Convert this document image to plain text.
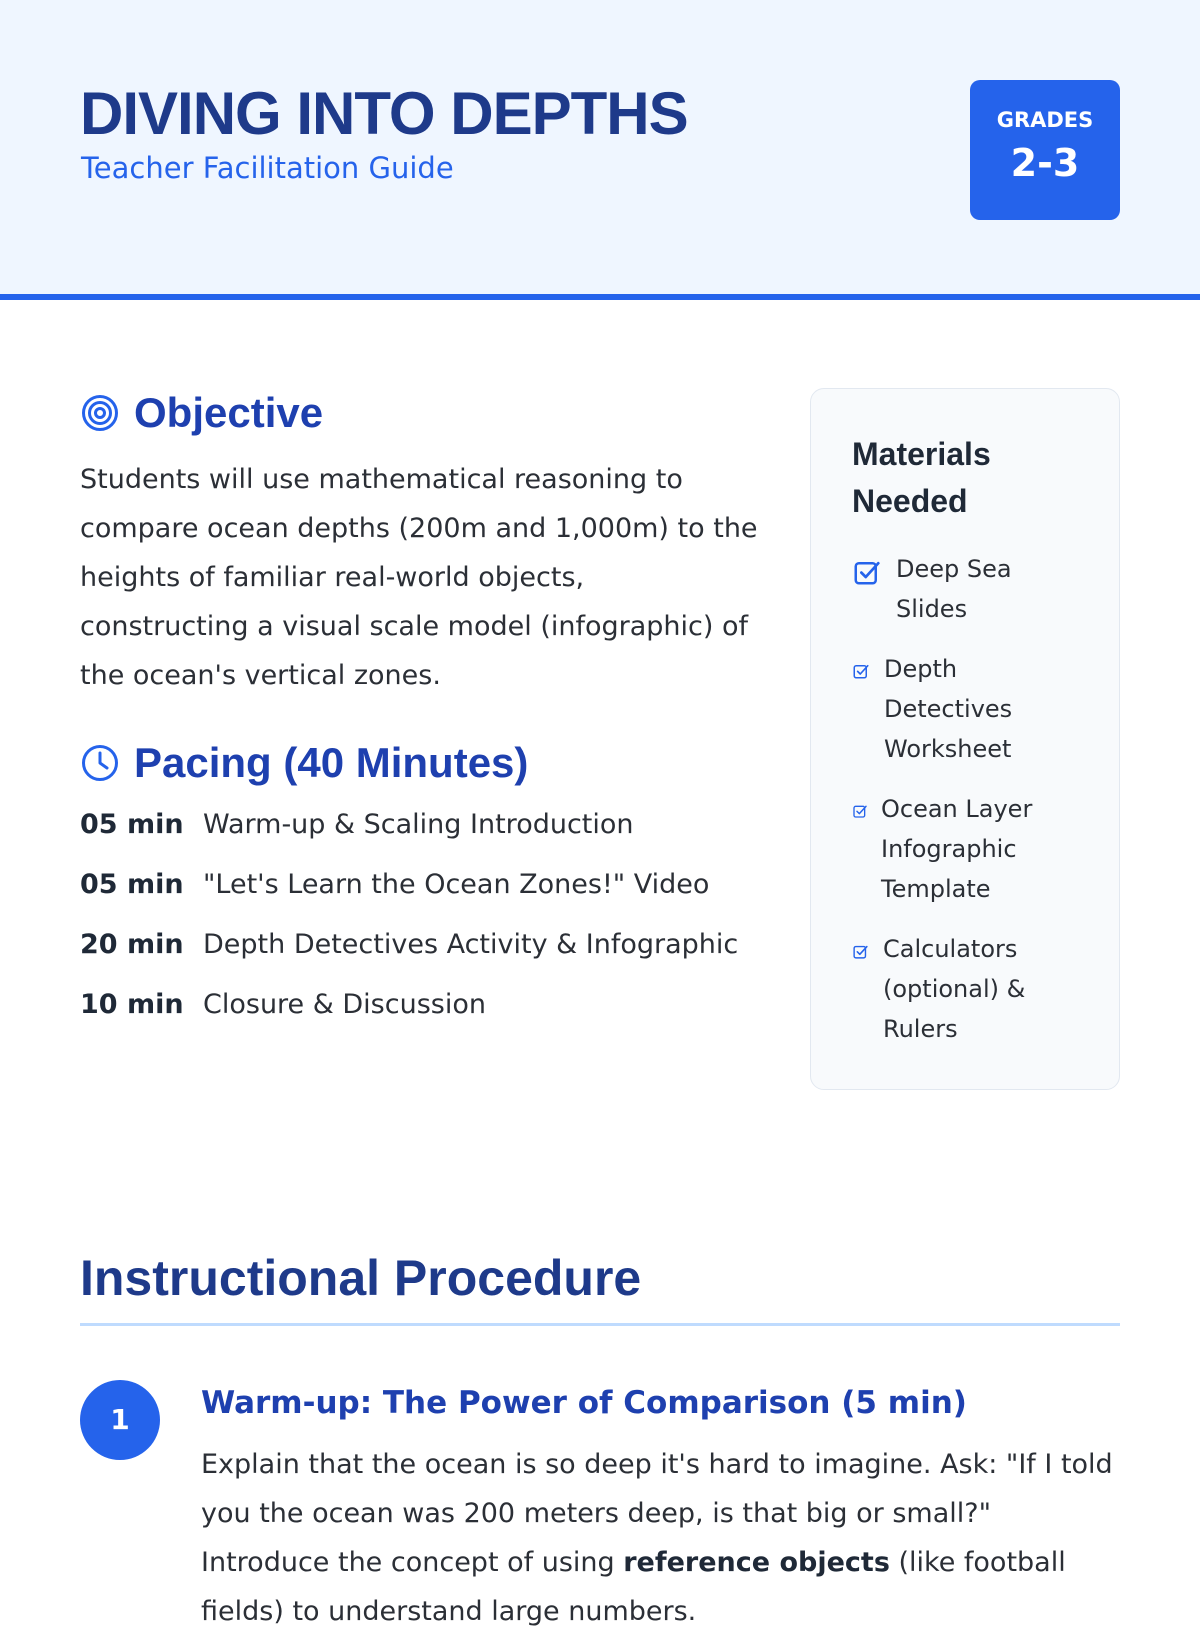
DIVING INTO DEPTHS
Teacher Facilitation Guide
GRADES
2-3
Objective

Students will use mathematical reasoning to compare ocean depths (200m and 1,000m) to the heights of familiar real-world objects, constructing a visual scale model (infographic) of the ocean's vertical zones.

Pacing (40 Minutes)
05 min Warm-up & Scaling Introduction
05 min "Let's Learn the Ocean Zones!" Video
20 min Depth Detectives Activity & Infographic
10 min Closure & Discussion
Materials Needed
Deep Sea
Slides
Depth
Detectives
Worksheet
Ocean Layer
Infographic
Template
Calculators
(optional) &
Rulers
Instructional Procedure
1	Warm-up: The Power of Comparison (5 min)

Explain that the ocean is so deep it's hard to imagine. Ask: "If I told you the ocean was 200 meters deep, is that big or small?" Introduce the concept of using reference objects (like football fields) to understand large numbers.
